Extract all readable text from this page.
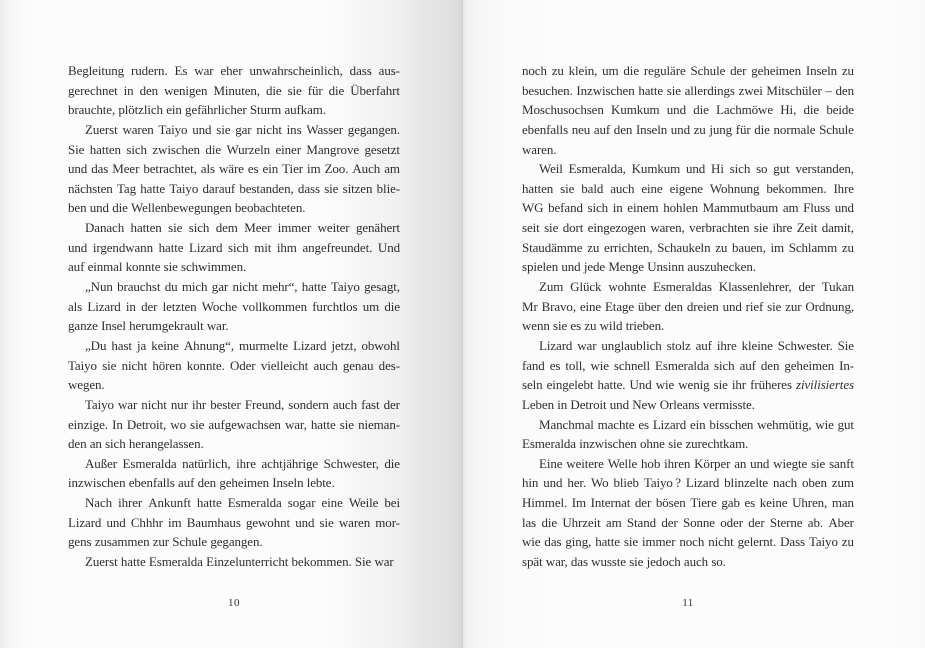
Begleitung rudern. Es war eher unwahrscheinlich, dass aus-
gerechnet in den wenigen Minuten, die sie für die Überfahrt
brauchte, plötzlich ein gefährlicher Sturm aufkam.
Zuerst waren Taiyo und sie gar nicht ins Wasser gegangen.
Sie hatten sich zwischen die Wurzeln einer Mangrove gesetzt
und das Meer betrachtet, als wäre es ein Tier im Zoo. Auch am
nächsten Tag hatte Taiyo darauf bestanden, dass sie sitzen blie-
ben und die Wellenbewegungen beobachteten.
Danach hatten sie sich dem Meer immer weiter genähert
und irgendwann hatte Lizard sich mit ihm angefreundet. Und
auf einmal konnte sie schwimmen.
„Nun brauchst du mich gar nicht mehr“, hatte Taiyo gesagt,
als Lizard in der letzten Woche vollkommen furchtlos um die
ganze Insel herumgekrault war.
„Du hast ja keine Ahnung“, murmelte Lizard jetzt, obwohl
Taiyo sie nicht hören konnte. Oder vielleicht auch genau des-
wegen.
Taiyo war nicht nur ihr bester Freund, sondern auch fast der
einzige. In Detroit, wo sie aufgewachsen war, hatte sie nieman-
den an sich herangelassen.
Außer Esmeralda natürlich, ihre achtjährige Schwester, die
inzwischen ebenfalls auf den geheimen Inseln lebte.
Nach ihrer Ankunft hatte Esmeralda sogar eine Weile bei
Lizard und Chhhr im Baumhaus gewohnt und sie waren mor-
gens zusammen zur Schule gegangen.
Zuerst hatte Esmeralda Einzelunterricht bekommen. Sie war
10
noch zu klein, um die reguläre Schule der geheimen Inseln zu
besuchen. Inzwischen hatte sie allerdings zwei Mitschüler – den
Moschusochsen Kumkum und die Lachmöwe Hi, die beide
ebenfalls neu auf den Inseln und zu jung für die normale Schule
waren.
Weil Esmeralda, Kumkum und Hi sich so gut verstanden,
hatten sie bald auch eine eigene Wohnung bekommen. Ihre
WG befand sich in einem hohlen Mammutbaum am Fluss und
seit sie dort eingezogen waren, verbrachten sie ihre Zeit damit,
Staudämme zu errichten, Schaukeln zu bauen, im Schlamm zu
spielen und jede Menge Unsinn auszuhecken.
Zum Glück wohnte Esmeraldas Klassenlehrer, der Tukan
Mr Bravo, eine Etage über den dreien und rief sie zur Ordnung,
wenn sie es zu wild trieben.
Lizard war unglaublich stolz auf ihre kleine Schwester. Sie
fand es toll, wie schnell Esmeralda sich auf den geheimen In-
seln eingelebt hatte. Und wie wenig sie ihr früheres zivilisiertes
Leben in Detroit und New Orleans vermisste.
Manchmal machte es Lizard ein bisschen wehmütig, wie gut
Esmeralda inzwischen ohne sie zurechtkam.
Eine weitere Welle hob ihren Körper an und wiegte sie sanft
hin und her. Wo blieb Taiyo ? Lizard blinzelte nach oben zum
Himmel. Im Internat der bösen Tiere gab es keine Uhren, man
las die Uhrzeit am Stand der Sonne oder der Sterne ab. Aber
wie das ging, hatte sie immer noch nicht gelernt. Dass Taiyo zu
spät war, das wusste sie jedoch auch so.
11
